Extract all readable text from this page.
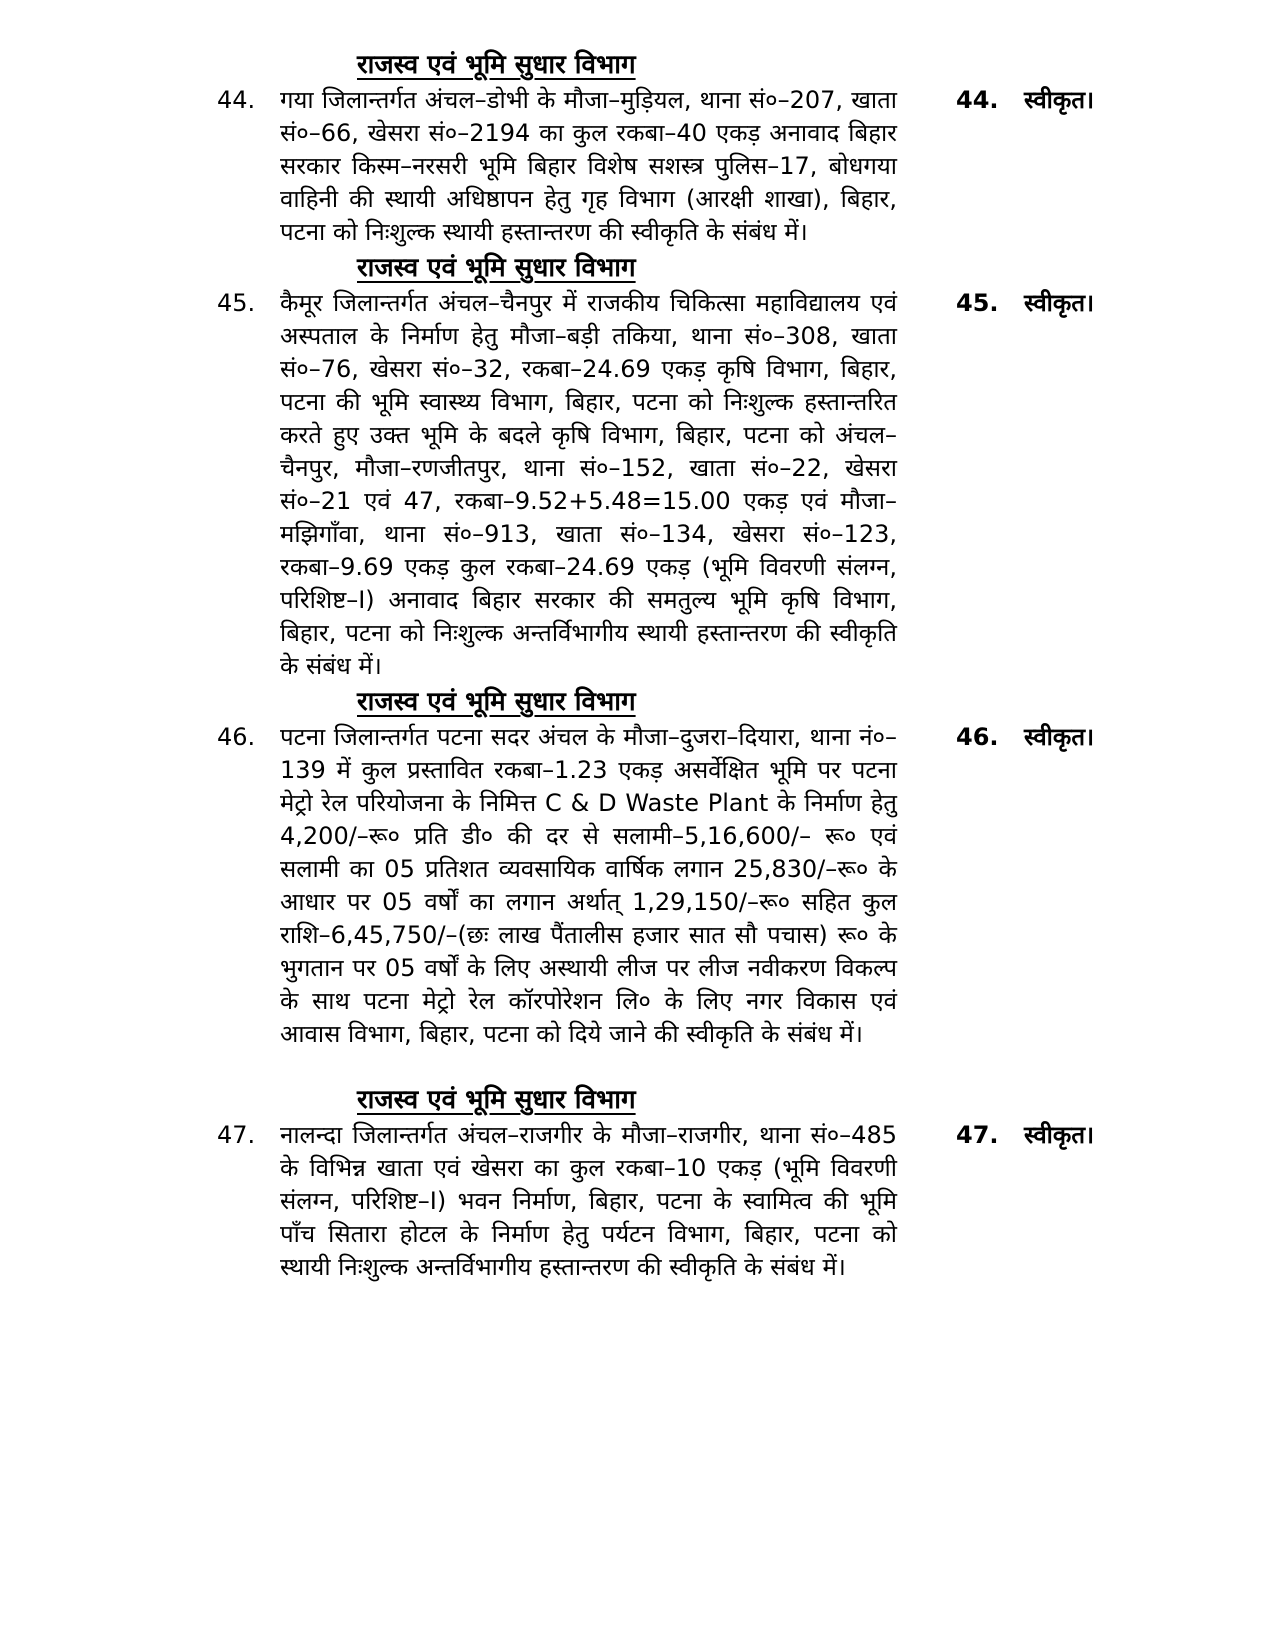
राजस्व एवं भूमि सुधार विभाग
44.	गया जिलान्तर्गत अंचल–डोभी के मौजा–मुड़ियल, थाना सं०–207, खाता सं०–66, खेसरा सं०–2194 का कुल रकबा–40 एकड़ अनावाद बिहार सरकार किस्म–नरसरी भूमि बिहार विशेष सशस्त्र पुलिस–17, बोधगया वाहिनी की स्थायी अधिष्ठापन हेतु गृह विभाग (आरक्षी शाखा), बिहार, पटना को निःशुल्क स्थायी हस्तान्तरण की स्वीकृति के संबंध में।
44.	स्वीकृत।
राजस्व एवं भूमि सुधार विभाग
45.	कैमूर जिलान्तर्गत अंचल–चैनपुर में राजकीय चिकित्सा महाविद्यालय एवं अस्पताल के निर्माण हेतु मौजा–बड़ी तकिया, थाना सं०–308, खाता सं०–76, खेसरा सं०–32, रकबा–24.69 एकड़ कृषि विभाग, बिहार, पटना की भूमि स्वास्थ्य विभाग, बिहार, पटना को निःशुल्क हस्तान्तरित करते हुए उक्त भूमि के बदले कृषि विभाग, बिहार, पटना को अंचल– चैनपुर, मौजा–रणजीतपुर, थाना सं०–152, खाता सं०–22, खेसरा सं०–21 एवं 47, रकबा–9.52+5.48=15.00 एकड़ एवं मौजा–मझिगाँवा, थाना सं०–913, खाता सं०–134, खेसरा सं०–123, रकबा–9.69 एकड़ कुल रकबा–24.69 एकड़ (भूमि विवरणी संलग्न, परिशिष्ट–I) अनावाद बिहार सरकार की समतुल्य भूमि कृषि विभाग, बिहार, पटना को निःशुल्क अन्तर्विभागीय स्थायी हस्तान्तरण की स्वीकृति के संबंध में।
45.	स्वीकृत।
राजस्व एवं भूमि सुधार विभाग
46.	पटना जिलान्तर्गत पटना सदर अंचल के मौजा–दुजरा–दियारा, थाना नं०–139 में कुल प्रस्तावित रकबा–1.23 एकड़ असर्वेक्षित भूमि पर पटना मेट्रो रेल परियोजना के निमित्त C & D Waste Plant के निर्माण हेतु 4,200/–रू० प्रति डी० की दर से सलामी–5,16,600/– रू० एवं सलामी का 05 प्रतिशत व्यवसायिक वार्षिक लगान 25,830/–रू० के आधार पर 05 वर्षों का लगान अर्थात् 1,29,150/–रू० सहित कुल राशि–6,45,750/–(छः लाख पैंतालीस हजार सात सौ पचास) रू० के भुगतान पर 05 वर्षों के लिए अस्थायी लीज पर लीज नवीकरण विकल्प के साथ पटना मेट्रो रेल कॉरपोरेशन लि० के लिए नगर विकास एवं आवास विभाग, बिहार, पटना को दिये जाने की स्वीकृति के संबंध में।
46.	स्वीकृत।
राजस्व एवं भूमि सुधार विभाग
47.	नालन्दा जिलान्तर्गत अंचल–राजगीर के मौजा–राजगीर, थाना सं०–485 के विभिन्न खाता एवं खेसरा का कुल रकबा–10 एकड़ (भूमि विवरणी संलग्न, परिशिष्ट–I) भवन निर्माण, बिहार, पटना के स्वामित्व की भूमि पाँच सितारा होटल के निर्माण हेतु पर्यटन विभाग, बिहार, पटना को स्थायी निःशुल्क अन्तर्विभागीय हस्तान्तरण की स्वीकृति के संबंध में।
47.	स्वीकृत।
